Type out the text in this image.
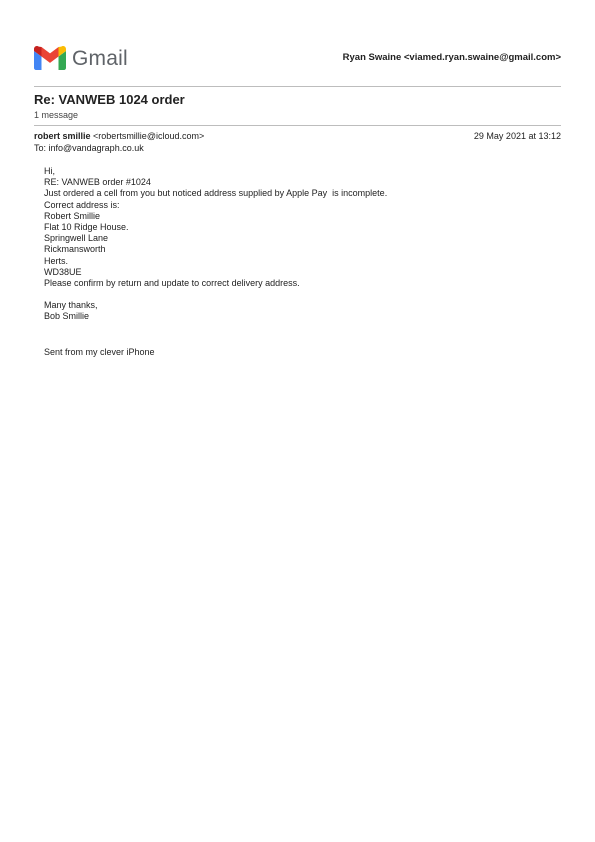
Gmail	Ryan Swaine <viamed.ryan.swaine@gmail.com>
Re: VANWEB 1024 order
1 message
robert smillie <robertsmillie@icloud.com>	29 May 2021 at 13:12
To: info@vandagraph.co.uk
Hi,
RE: VANWEB order #1024
Just ordered a cell from you but noticed address supplied by Apple Pay  is incomplete.
Correct address is:
Robert Smillie
Flat 10 Ridge House.
Springwell Lane
Rickmansworth
Herts.
WD38UE
Please confirm by return and update to correct delivery address.
Many thanks,
Bob Smillie
Sent from my clever iPhone
